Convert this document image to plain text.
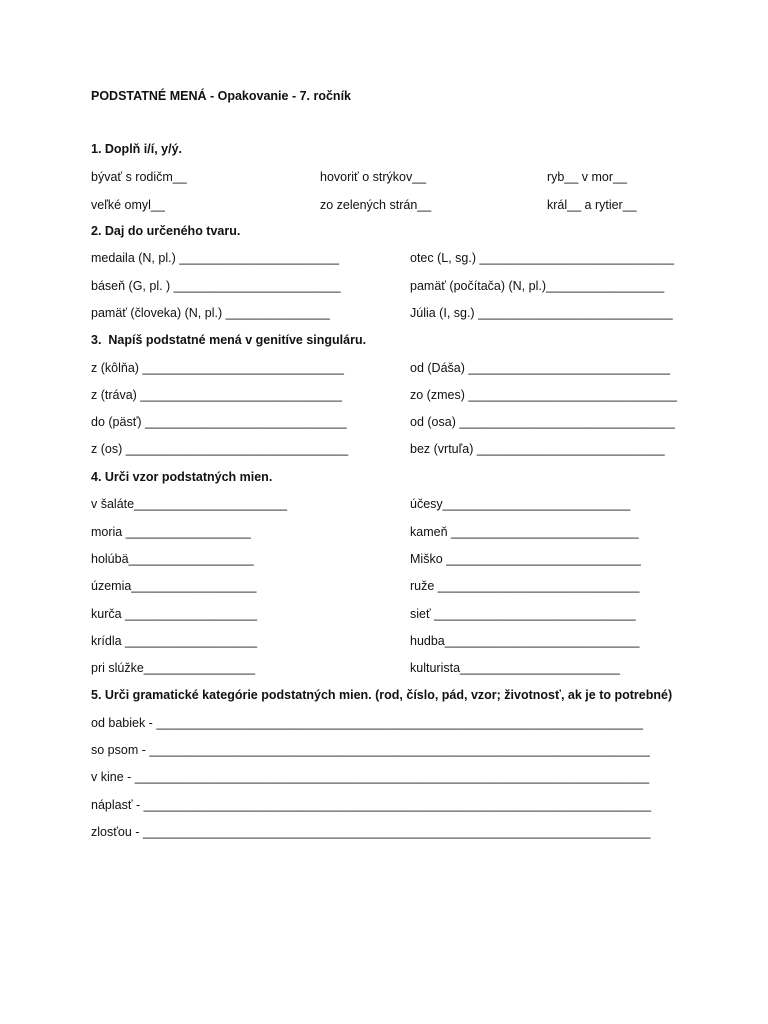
PODSTATNÉ MENÁ - Opakovanie - 7. ročník
1. Doplň i/í, y/ý.
bývať s rodičm__	hovoriť o strýkov__	ryb__ v mor__
veľké omyl__	zo zelených strán__	král__ a rytier__
2. Daj do určeného tvaru.
medaila (N, pl.) _______________________	otec (L, sg.) ____________________________
báseň (G, pl. ) ________________________	pamäť (počítača) (N, pl.)_________________
pamäť (človeka) (N, pl.) _______________	Júlia (I, sg.) ____________________________
3.  Napíš podstatné mená v genitíve singuláru.
z (kôlňa) _____________________________	od (Dáša) _____________________________
z (tráva) _____________________________	zo (zmes) ______________________________
do (päsť) _____________________________	od (osa) _______________________________
z (os) ________________________________	bez (vrtuľa) ___________________________
4. Urči vzor podstatných mien.
v šaláte______________________	účesy___________________________
moria __________________	kameň ___________________________
holúbä__________________	Miško ____________________________
územia__________________	ruže _____________________________
kurča ___________________	sieť _____________________________
krídla ___________________	hudba____________________________
pri slúžke________________	kulturista_______________________
5. Urči gramatické kategórie podstatných mien. (rod, číslo, pád, vzor; životnosť, ak je to potrebné)
od babiek - ______________________________________________________________________
so psom - ________________________________________________________________________
v kine - __________________________________________________________________________
náplasť - _________________________________________________________________________
zlosťou - _________________________________________________________________________
